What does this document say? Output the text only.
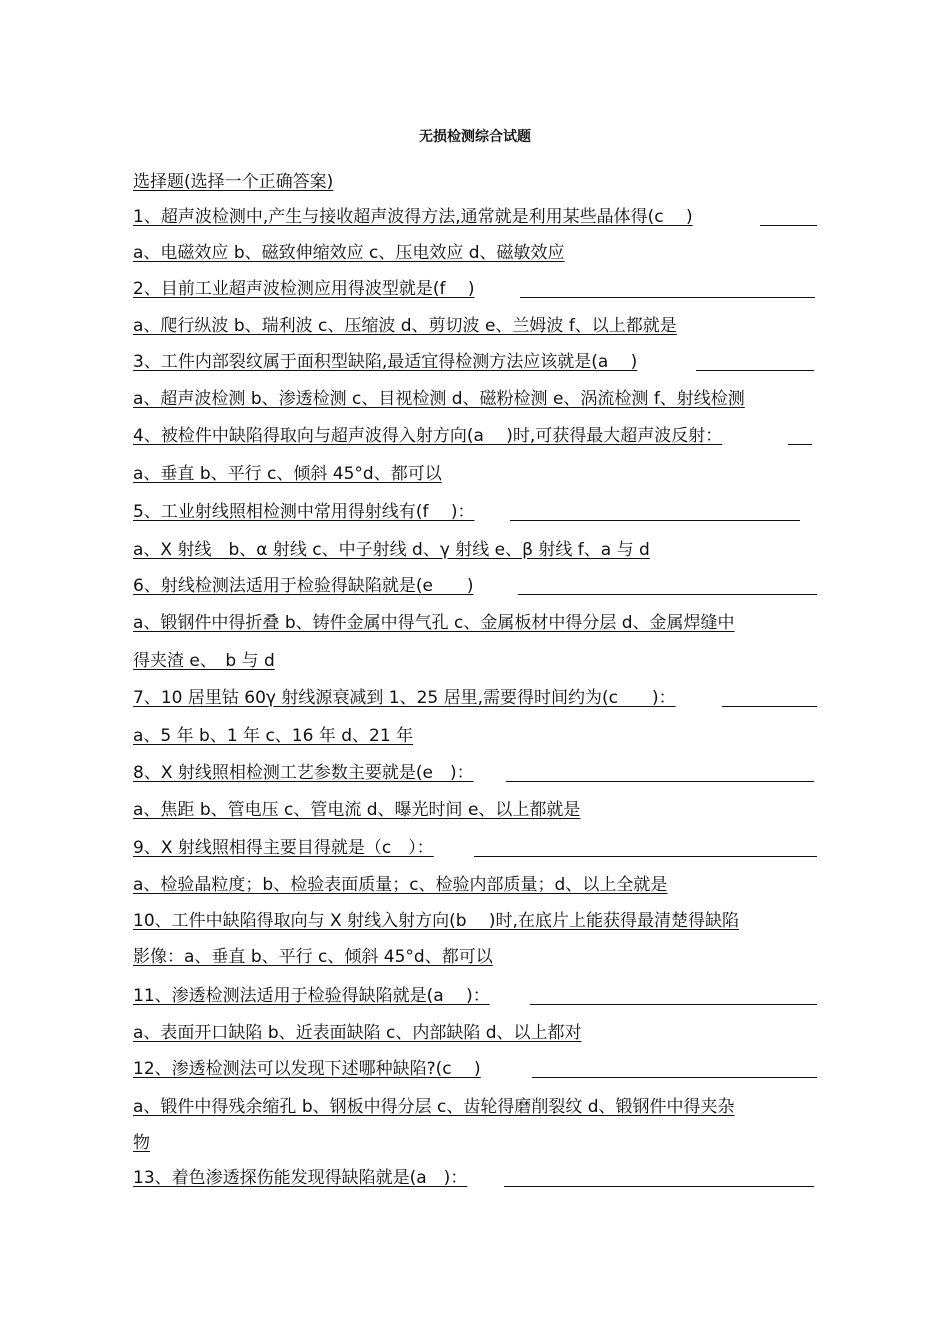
无损检测综合试题
选择题(选择一个正确答案)
1、超声波检测中,产生与接收超声波得方法,通常就是利用某些晶体得(c　 )
a、电磁效应 b、磁致伸缩效应 c、压电效应 d、磁敏效应
2、目前工业超声波检测应用得波型就是(f　 )
a、爬行纵波 b、瑞利波 c、压缩波 d、剪切波 e、兰姆波 f、以上都就是
3、工件内部裂纹属于面积型缺陷,最适宜得检测方法应该就是(a　 )
a、超声波检测 b、渗透检测 c、目视检测 d、磁粉检测 e、涡流检测 f、射线检测
4、被检件中缺陷得取向与超声波得入射方向(a　 )时,可获得最大超声波反射：
a、垂直 b、平行 c、倾斜 45°d、都可以
5、工业射线照相检测中常用得射线有(f　 )：
a、X 射线　b、α 射线 c、中子射线 d、γ 射线 e、β 射线 f、a 与 d
6、射线检测法适用于检验得缺陷就是(e　　)
a、锻钢件中得折叠 b、铸件金属中得气孔 c、金属板材中得分层 d、金属焊缝中
得夹渣 e、　b 与 d
7、10 居里钴 60γ 射线源衰减到 1、25 居里,需要得时间约为(c　　)：
a、5 年 b、1 年 c、16 年 d、21 年
8、X 射线照相检测工艺参数主要就是(e　)：
a、焦距 b、管电压 c、管电流 d、曝光时间 e、以上都就是
9、X 射线照相得主要目得就是（c　）：
a、检验晶粒度；b、检验表面质量；c、检验内部质量；d、以上全就是
10、工件中缺陷得取向与 X 射线入射方向(b　 )时,在底片上能获得最清楚得缺陷
影像：a、垂直 b、平行 c、倾斜 45°d、都可以
11、渗透检测法适用于检验得缺陷就是(a　 )：
a、表面开口缺陷 b、近表面缺陷 c、内部缺陷 d、以上都对
12、渗透检测法可以发现下述哪种缺陷?(c　 )
a、锻件中得残余缩孔 b、钢板中得分层 c、齿轮得磨削裂纹 d、锻钢件中得夹杂
物
13、着色渗透探伤能发现得缺陷就是(a　)：
